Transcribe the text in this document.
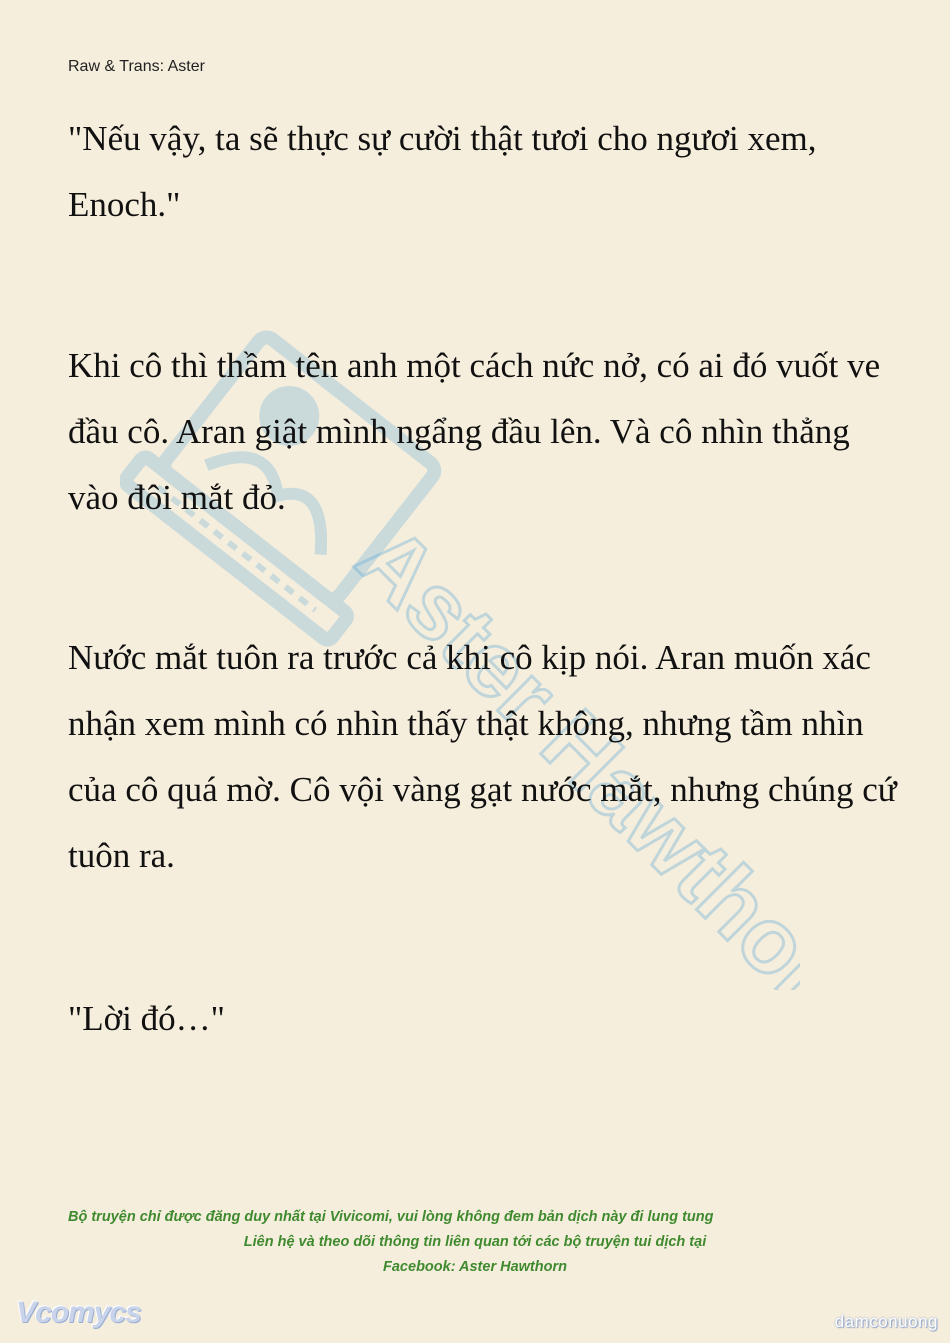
Raw & Trans: Aster
Aster Hawthorn

"Nếu vậy, ta sẽ thực sự cười thật tươi cho ngươi xem, Enoch."

Khi cô thì thầm tên anh một cách nức nở, có ai đó vuốt ve đầu cô. Aran giật mình ngẩng đầu lên. Và cô nhìn thẳng vào đôi mắt đỏ.

Nước mắt tuôn ra trước cả khi cô kịp nói. Aran muốn xác nhận xem mình có nhìn thấy thật không, nhưng tầm nhìn của cô quá mờ. Cô vội vàng gạt nước mắt, nhưng chúng cứ tuôn ra.

"Lời đó…"

Bộ truyện chỉ được đăng duy nhất tại Vivicomi, vui lòng không đem bản dịch này đi lung tung
Liên hệ và theo dõi thông tin liên quan tới các bộ truyện tui dịch tại
Facebook: Aster Hawthorn
Vcomycs	damconuong
